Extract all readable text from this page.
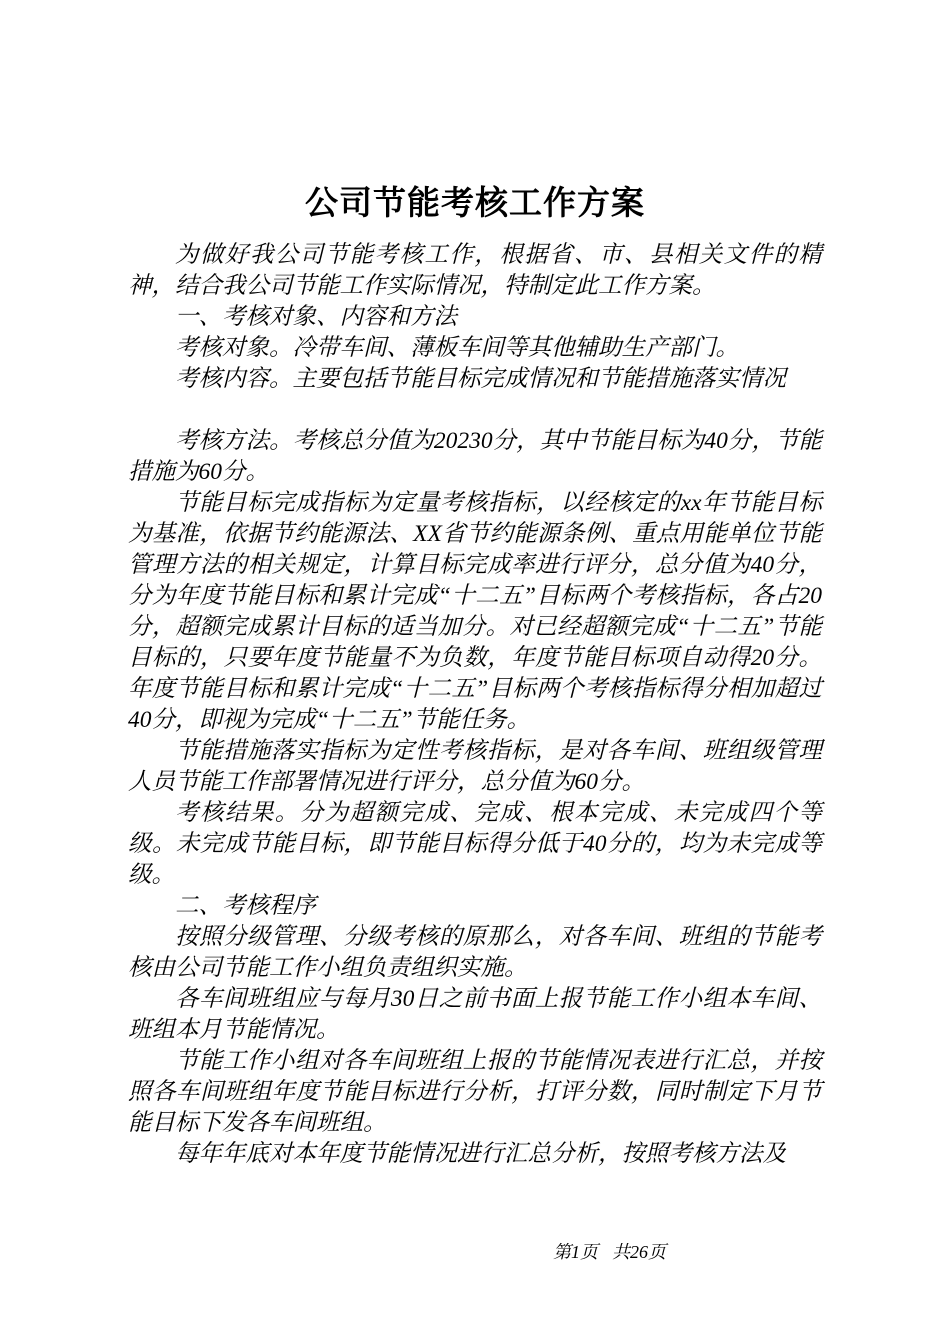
公司节能考核工作方案

为做好我公司节能考核工作，根据省、市、县相关文件的精神，结合我公司节能工作实际情况，特制定此工作方案。

一、考核对象、内容和方法

考核对象。冷带车间、薄板车间等其他辅助生产部门。

考核内容。主要包括节能目标完成情况和节能措施落实情况

考核方法。考核总分值为20230分，其中节能目标为40分，节能措施为60分。

节能目标完成指标为定量考核指标，以经核定的xx年节能目标为基准，依据节约能源法、XX省节约能源条例、重点用能单位节能管理方法的相关规定，计算目标完成率进行评分，总分值为40分，分为年度节能目标和累计完成“十二五”目标两个考核指标，各占20分，超额完成累计目标的适当加分。对已经超额完成“十二五”节能目标的，只要年度节能量不为负数，年度节能目标项自动得20分。年度节能目标和累计完成“十二五”目标两个考核指标得分相加超过40分，即视为完成“十二五”节能任务。

节能措施落实指标为定性考核指标，是对各车间、班组级管理人员节能工作部署情况进行评分，总分值为60分。

考核结果。分为超额完成、完成、根本完成、未完成四个等级。未完成节能目标，即节能目标得分低于40分的，均为未完成等级。

二、考核程序

按照分级管理、分级考核的原那么，对各车间、班组的节能考核由公司节能工作小组负责组织实施。

各车间班组应与每月30日之前书面上报节能工作小组本车间、班组本月节能情况。

节能工作小组对各车间班组上报的节能情况表进行汇总，并按照各车间班组年度节能目标进行分析，打评分数，同时制定下月节能目标下发各车间班组。

每年年底对本年度节能情况进行汇总分析，按照考核方法及

第1页 共26页
